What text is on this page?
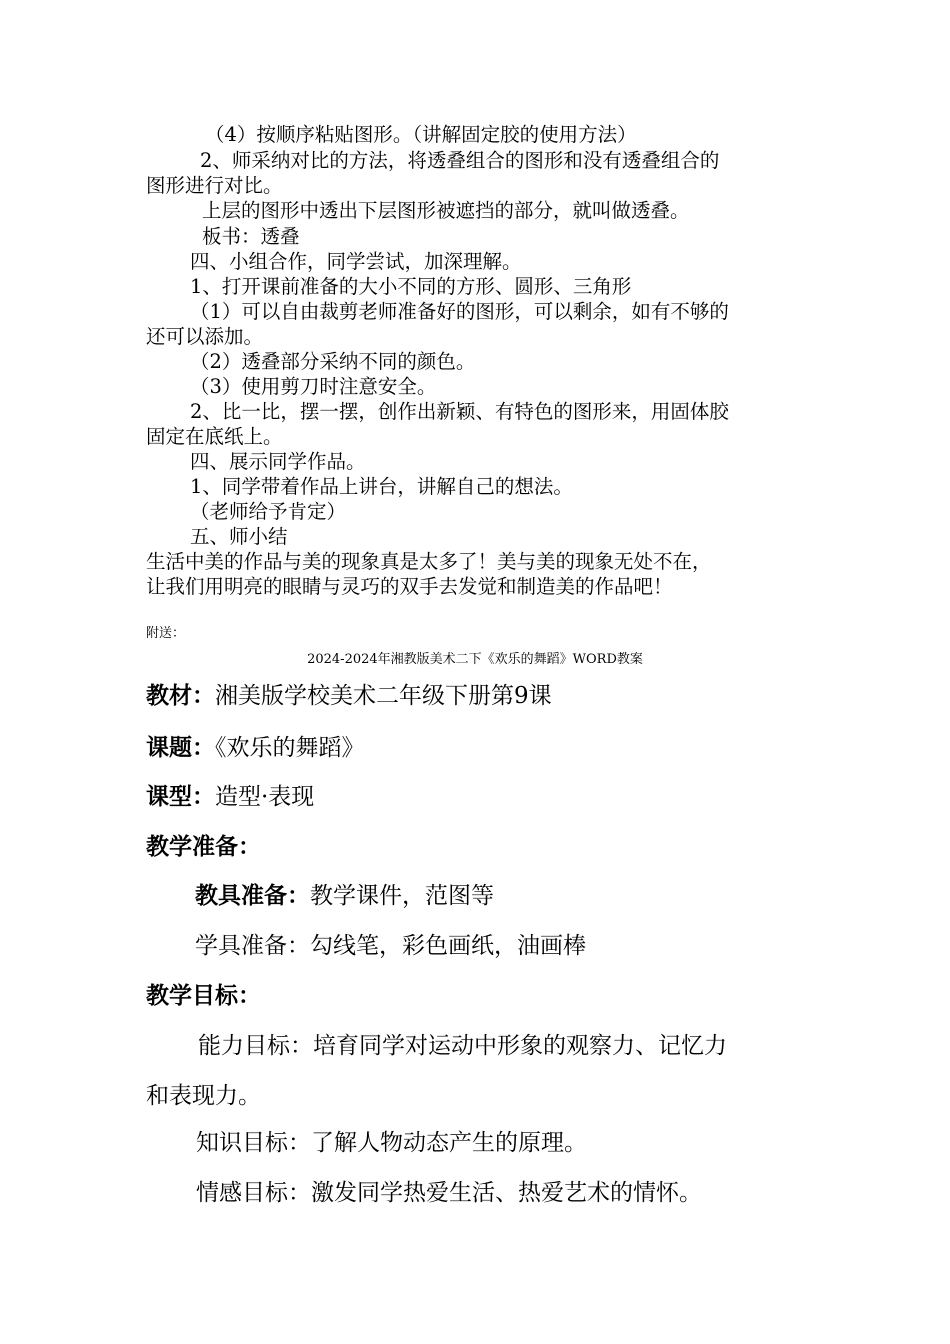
（4）按顺序粘贴图形。（讲解固定胶的使用方法）
2、师采纳对比的方法，将透叠组合的图形和没有透叠组合的
图形进行对比。
上层的图形中透出下层图形被遮挡的部分，就叫做透叠。
板书：透叠
四、小组合作，同学尝试，加深理解。
1、打开课前准备的大小不同的方形、圆形、三角形
（1）可以自由裁剪老师准备好的图形，可以剩余，如有不够的
还可以添加。
（2）透叠部分采纳不同的颜色。
（3）使用剪刀时注意安全。
2、比一比，摆一摆，创作出新颖、有特色的图形来，用固体胶
固定在底纸上。
四、展示同学作品。
1、同学带着作品上讲台，讲解自己的想法。
（老师给予肯定）
五、师小结
生活中美的作品与美的现象真是太多了！美与美的现象无处不在，
让我们用明亮的眼睛与灵巧的双手去发觉和制造美的作品吧！
附送：
2024-2024年湘教版美术二下《欢乐的舞蹈》WORD教案
教材：湘美版学校美术二年级下册第9课
课题：《欢乐的舞蹈》
课型：造型·表现
教学准备：
教具准备：教学课件，范图等
学具准备：勾线笔，彩色画纸，油画棒
教学目标：
能力目标：培育同学对运动中形象的观察力、记忆力
和表现力。
知识目标：了解人物动态产生的原理。
情感目标：激发同学热爱生活、热爱艺术的情怀。
